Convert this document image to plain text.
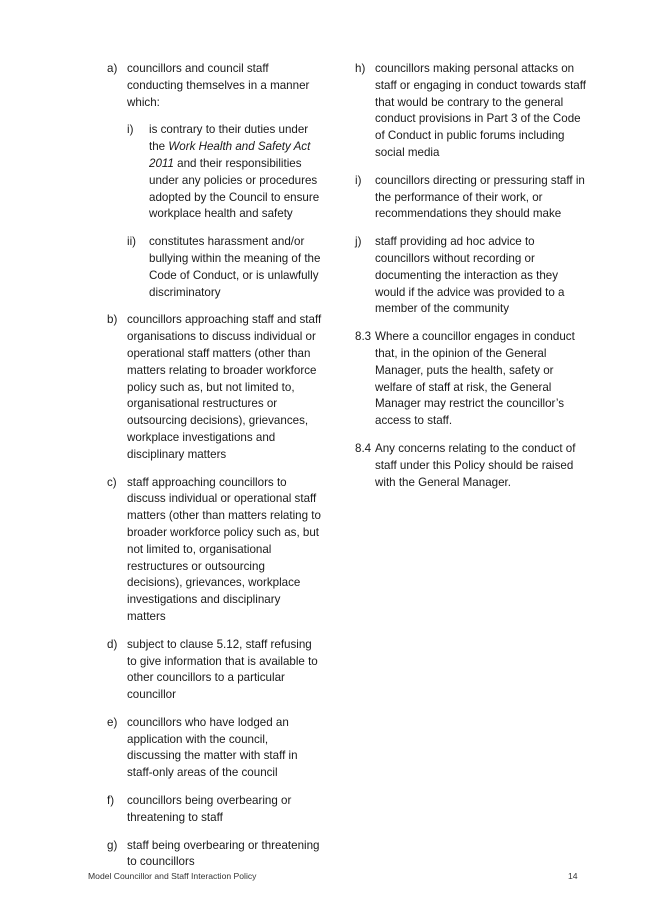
a) councillors and council staff conducting themselves in a manner which:
i) is contrary to their duties under the Work Health and Safety Act 2011 and their responsibilities under any policies or procedures adopted by the Council to ensure workplace health and safety
ii) constitutes harassment and/or bullying within the meaning of the Code of Conduct, or is unlawfully discriminatory
b) councillors approaching staff and staff organisations to discuss individual or operational staff matters (other than matters relating to broader workforce policy such as, but not limited to, organisational restructures or outsourcing decisions), grievances, workplace investigations and disciplinary matters
c) staff approaching councillors to discuss individual or operational staff matters (other than matters relating to broader workforce policy such as, but not limited to, organisational restructures or outsourcing decisions), grievances, workplace investigations and disciplinary matters
d) subject to clause 5.12, staff refusing to give information that is available to other councillors to a particular councillor
e) councillors who have lodged an application with the council, discussing the matter with staff in staff-only areas of the council
f) councillors being overbearing or threatening to staff
g) staff being overbearing or threatening to councillors
h) councillors making personal attacks on staff or engaging in conduct towards staff that would be contrary to the general conduct provisions in Part 3 of the Code of Conduct in public forums including social media
i) councillors directing or pressuring staff in the performance of their work, or recommendations they should make
j) staff providing ad hoc advice to councillors without recording or documenting the interaction as they would if the advice was provided to a member of the community
8.3 Where a councillor engages in conduct that, in the opinion of the General Manager, puts the health, safety or welfare of staff at risk, the General Manager may restrict the councillor’s access to staff.
8.4 Any concerns relating to the conduct of staff under this Policy should be raised with the General Manager.
Model Councillor and Staff Interaction Policy	14
